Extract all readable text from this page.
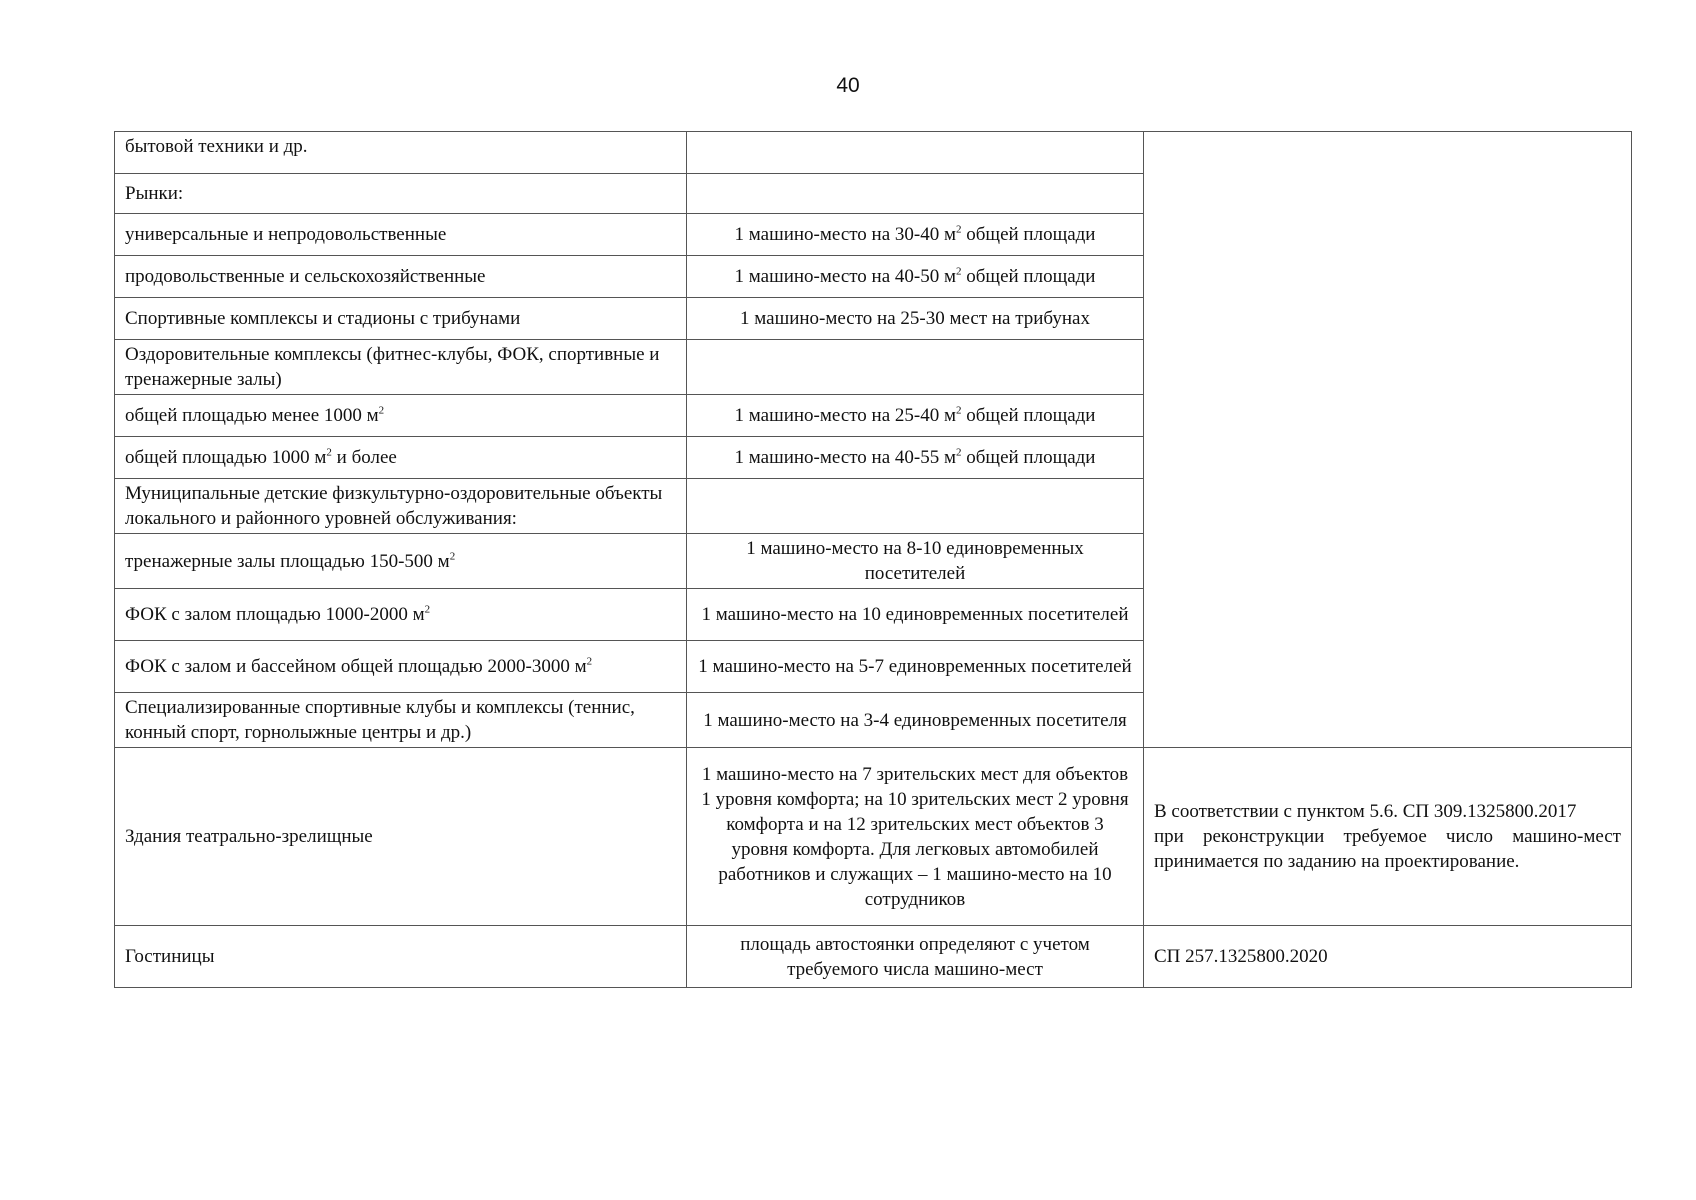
40
бытовой техники и др.		
Рынки:		
универсальные и непродовольственные	1 машино-место на 30-40 $м^2$ общей площади	
продовольственные и сельскохозяйственные	1 машино-место на 40-50 $м^2$ общей площади	
Спортивные комплексы и стадионы с трибунами	1 машино-место на 25-30 мест на трибунах	
Оздоровительные комплексы (фитнес-клубы, ФОК, спортивные и тренажерные залы)		
общей площадью менее 1000 $м^2$	1 машино-место на 25-40 $м^2$ общей площади	
общей площадью 1000 $м^2$ и более	1 машино-место на 40-55 $м^2$ общей площади	
Муниципальные детские физкультурно-оздоровительные объекты локального и районного уровней обслуживания:		
тренажерные залы площадью 150-500 $м^2$	1 машино-место на 8-10 единовременных посетителей	
ФОК с залом площадью 1000-2000 $м^2$	1 машино-место на 10 единовременных посетителей	
ФОК с залом и бассейном общей площадью 2000-3000 $м^2$	1 машино-место на 5-7 единовременных посетителей	
Специализированные спортивные клубы и комплексы (теннис, конный спорт, горнолыжные центры и др.)	1 машино-место на 3-4 единовременных посетителя	
Здания театрально-зрелищные	1 машино-место на 7 зрительских мест для объектов 1 уровня комфорта; на 10 зрительских мест 2 уровня комфорта и на 12 зрительских мест объектов 3 уровня комфорта. Для легковых автомобилей работников и служащих – 1 машино-место на 10 сотрудников	В соответствии с пунктом 5.6. СП 309.1325800.2017
при реконструкции требуемое число машино-мест принимается по заданию на проектирование.

Гостиницы	площадь автостоянки определяют с учетом требуемого числа машино-мест	СП 257.1325800.2020
